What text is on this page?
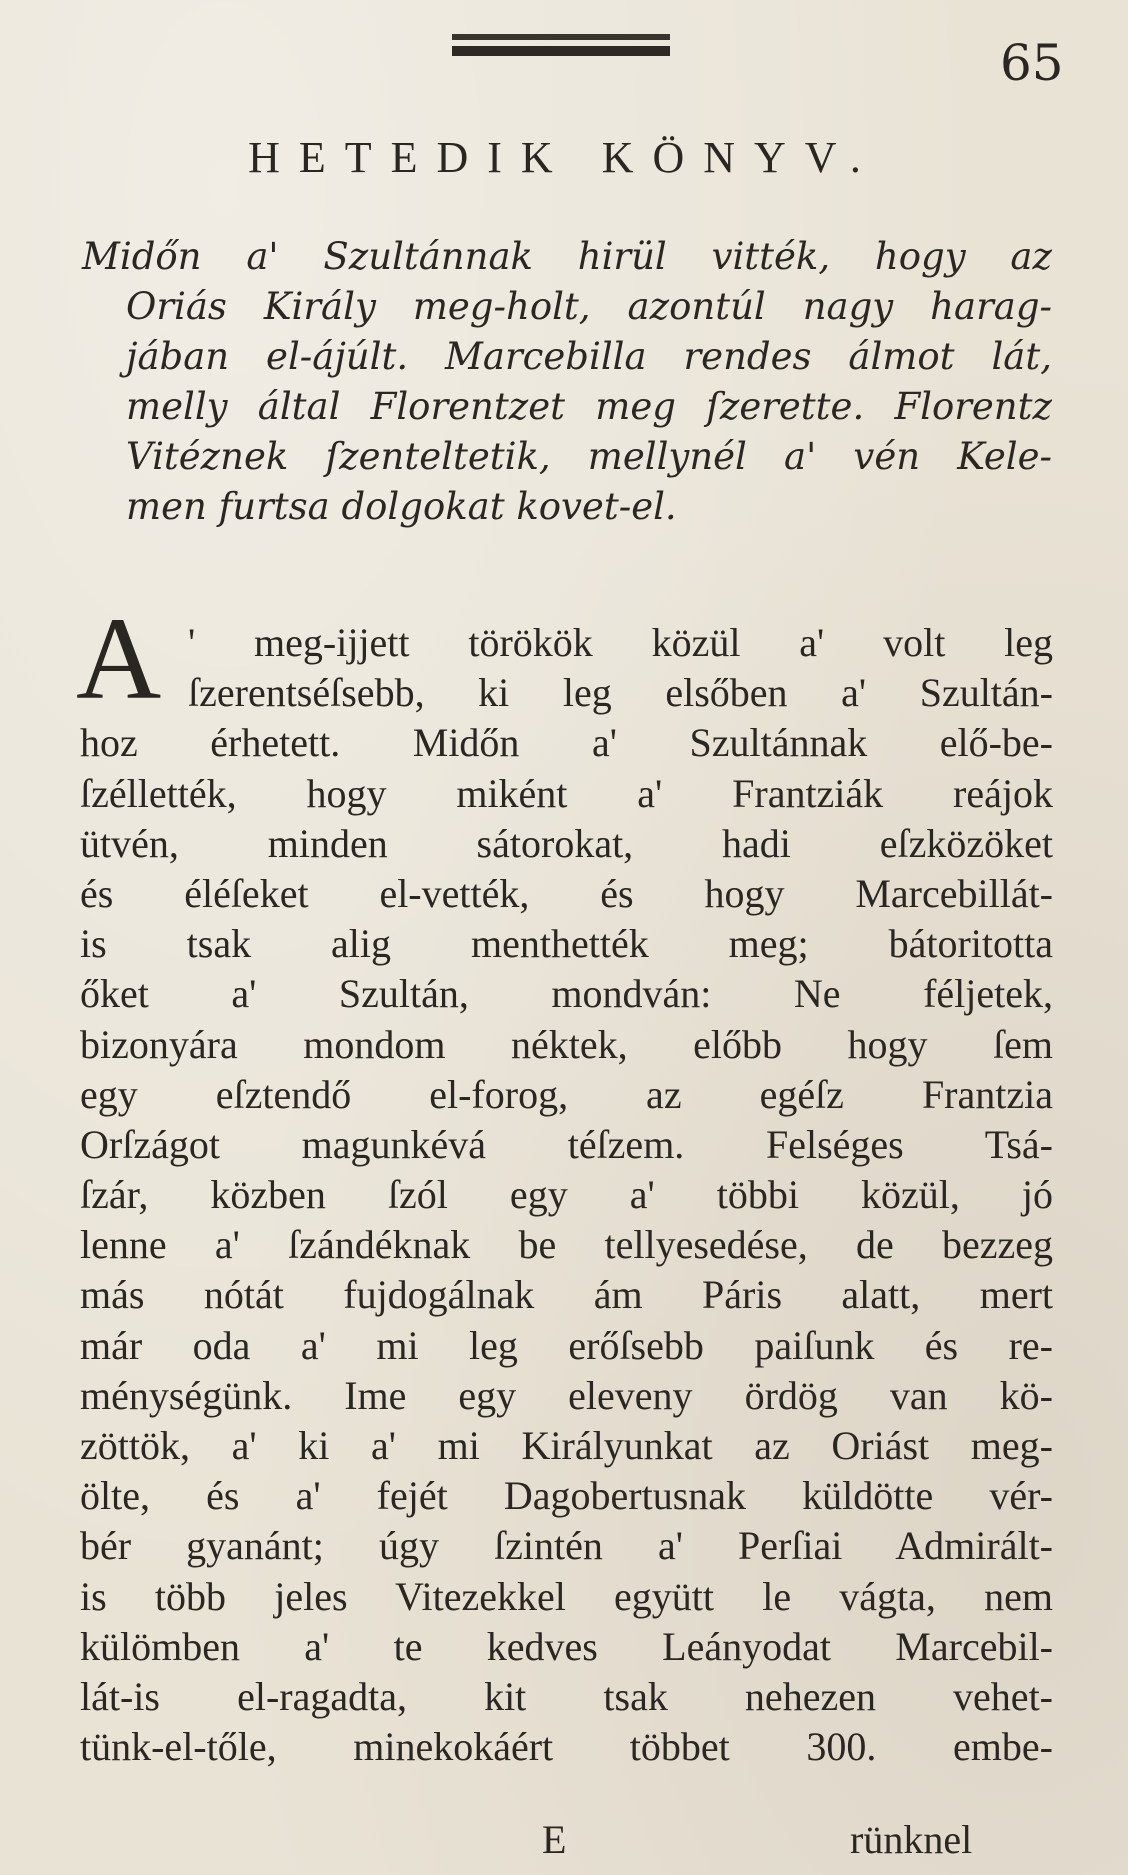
65
HETEDIK KÖNYV.
Midőn a' Szultánnak hirül vitték, hogy az
Oriás Király meg-holt, azontúl nagy harag-
jában el-ájúlt. Marcebilla rendes álmot lát,
melly által Florentzet meg ſzerette. Florentz
Vitéznek ſzenteltetik, mellynél a' vén Kele-
men furtsa dolgokat kovet-el.
A ' meg-ijjett törökök közül a' volt leg
ſzerentséſsebb, ki leg elsőben a' Szultán-
hoz érhetett. Midőn a' Szultánnak elő-be-
ſzéllették, hogy miként a' Frantziák reájok
ütvén, minden sátorokat, hadi eſzközöket
és éléſeket el-vették, és hogy Marcebillát-
is tsak alig menthették meg; bátoritotta
őket a' Szultán, mondván: Ne féljetek,
bizonyára mondom néktek, előbb hogy ſem
egy eſztendő el-forog, az egéſz Frantzia
Orſzágot magunkévá téſzem. Felséges Tsá-
ſzár, közben ſzól egy a' többi közül, jó
lenne a' ſzándéknak be tellyesedése, de bezzeg
más nótát fujdogálnak ám Páris alatt, mert
már oda a' mi leg erőſsebb paiſunk és re-
ménységünk. Ime egy eleveny ördög van kö-
zöttök, a' ki a' mi Királyunkat az Oriást meg-
ölte, és a' fejét Dagobertusnak küldötte vér-
bér gyanánt; úgy ſzintén a' Perſiai Admirált-
is több jeles Vitezekkel együtt le vágta, nem
külömben a' te kedves Leányodat Marcebil-
lát-is el-ragadta, kit tsak nehezen vehet-
tünk-el-tőle, minekokáért többet 300. embe-
E	rünknel
